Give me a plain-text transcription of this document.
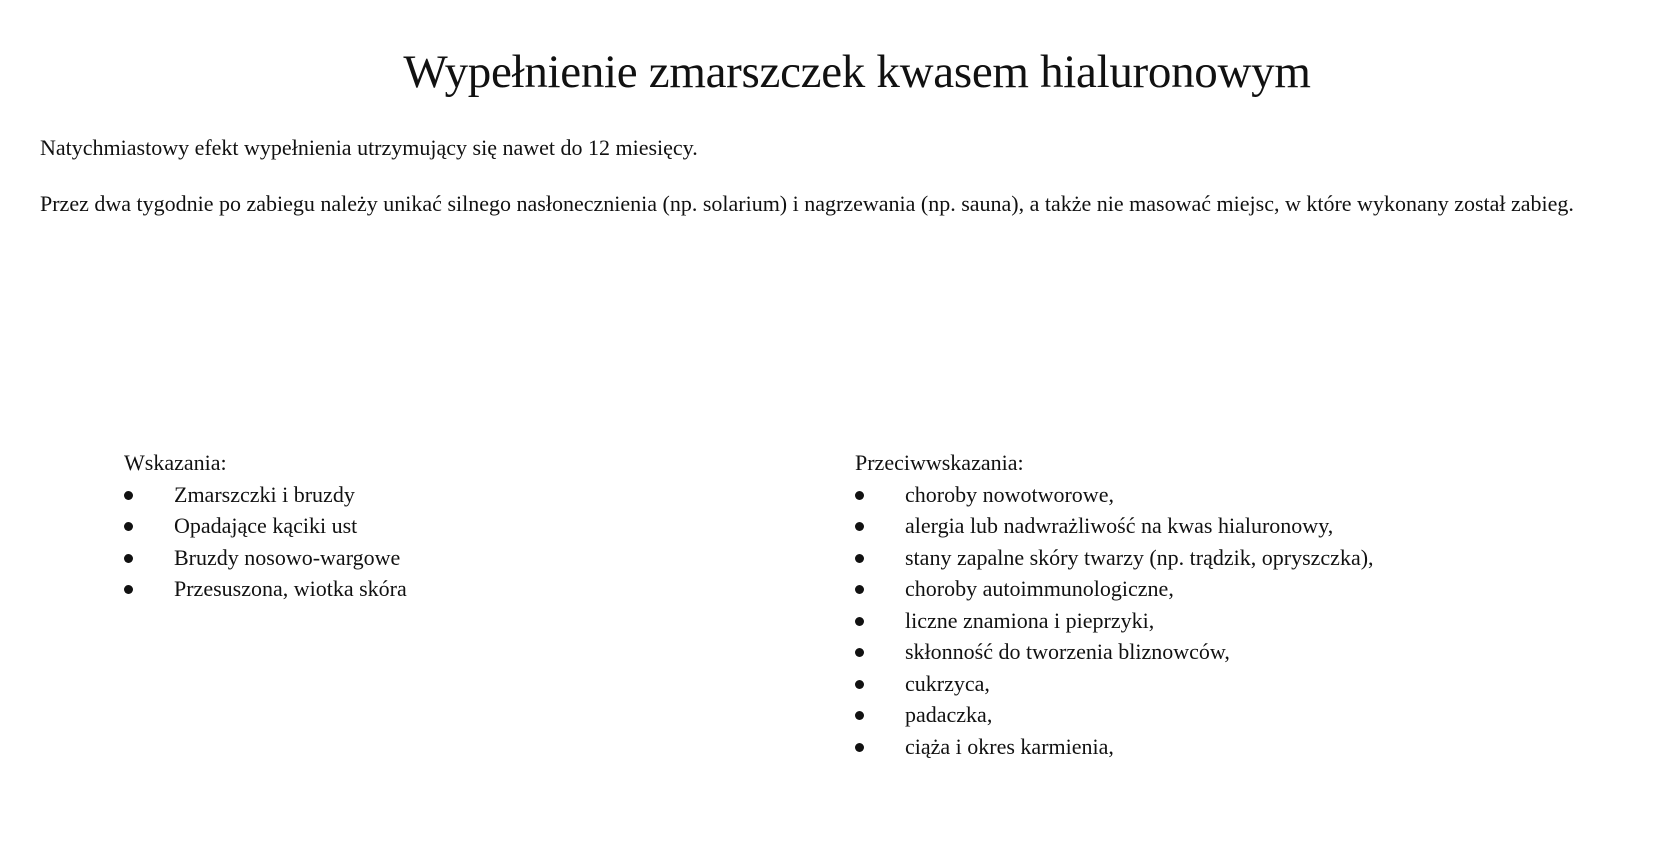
Wypełnienie zmarszczek kwasem hialuronowym

Natychmiastowy efekt wypełnienia utrzymujący się nawet do 12 miesięcy.

Przez dwa tygodnie po zabiegu należy unikać silnego nasłonecznienia (np. solarium) i nagrzewania (np. sauna), a także nie masować miejsc, w które wykonany został zabieg.

Wskazania:
Zmarszczki i bruzdy
Opadające kąciki ust
Bruzdy nosowo-wargowe
Przesuszona, wiotka skóra
Przeciwwskazania:
choroby nowotworowe,
alergia lub nadwrażliwość na kwas hialuronowy,
stany zapalne skóry twarzy (np. trądzik, opryszczka),
choroby autoimmunologiczne,
liczne znamiona i pieprzyki,
skłonność do tworzenia bliznowców,
cukrzyca,
padaczka,
ciąża i okres karmienia,
